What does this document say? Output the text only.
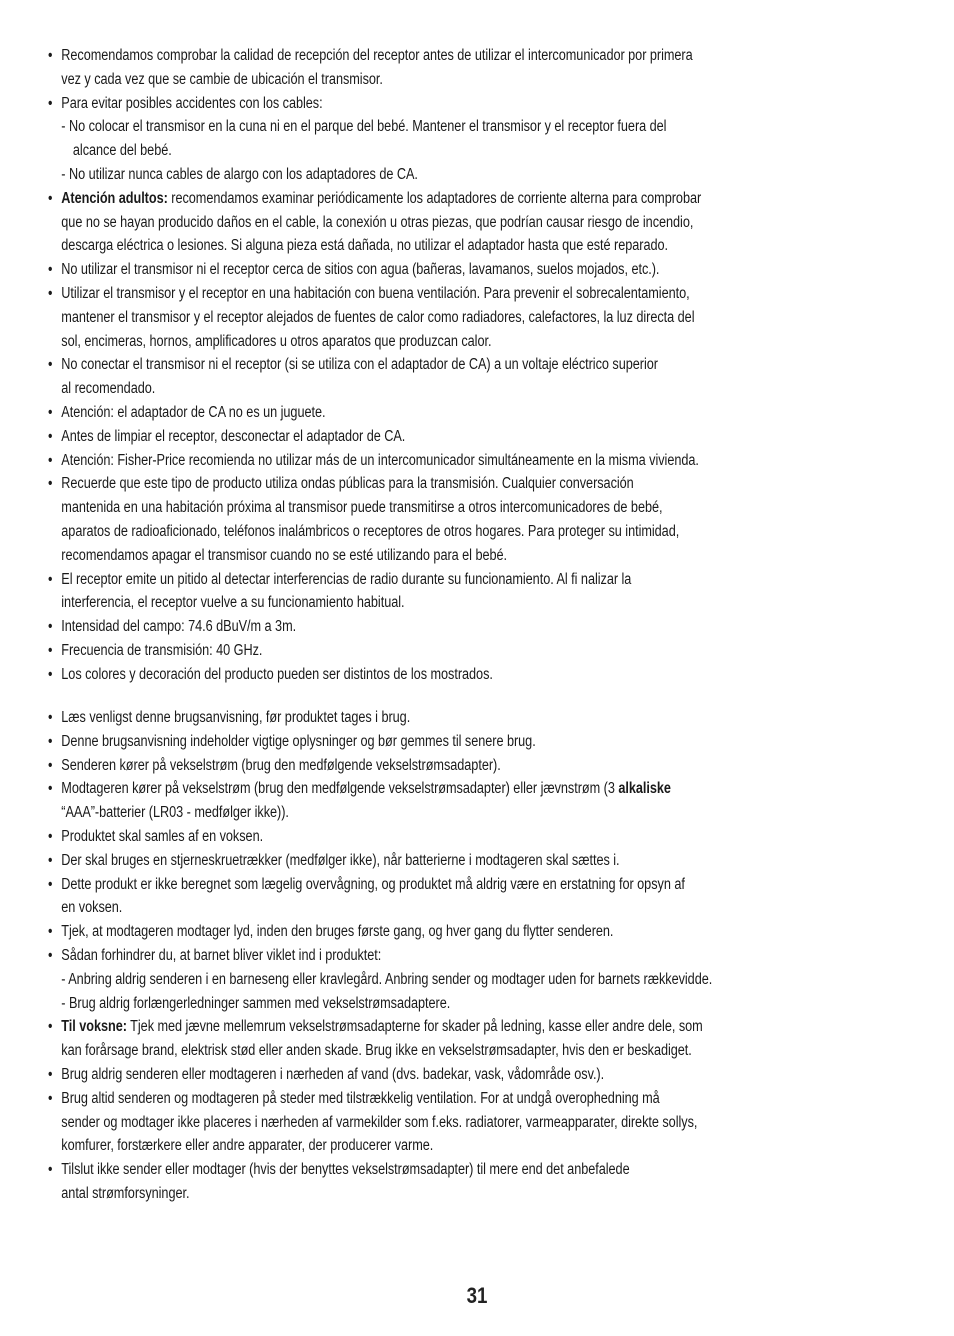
• Recomendamos comprobar la calidad de recepción del receptor antes de utilizar el intercomunicador por primera
vez y cada vez que se cambie de ubicación el transmisor.
• Para evitar posibles accidentes con los cables:
- No colocar el transmisor en la cuna ni en el parque del bebé. Mantener el transmisor y el receptor fuera del
alcance del bebé.
- No utilizar nunca cables de alargo con los adaptadores de CA.
• Atención adultos: recomendamos examinar periódicamente los adaptadores de corriente alterna para comprobar
que no se hayan producido daños en el cable, la conexión u otras piezas, que podrían causar riesgo de incendio,
descarga eléctrica o lesiones. Si alguna pieza está dañada, no utilizar el adaptador hasta que esté reparado.
• No utilizar el transmisor ni el receptor cerca de sitios con agua (bañeras, lavamanos, suelos mojados, etc.).
• Utilizar el transmisor y el receptor en una habitación con buena ventilación. Para prevenir el sobrecalentamiento,
mantener el transmisor y el receptor alejados de fuentes de calor como radiadores, calefactores, la luz directa del
sol, encimeras, hornos, amplificadores u otros aparatos que produzcan calor.
• No conectar el transmisor ni el receptor (si se utiliza con el adaptador de CA) a un voltaje eléctrico superior
al recomendado.
• Atención: el adaptador de CA no es un juguete.
• Antes de limpiar el receptor, desconectar el adaptador de CA.
• Atención: Fisher-Price recomienda no utilizar más de un intercomunicador simultáneamente en la misma vivienda.
• Recuerde que este tipo de producto utiliza ondas públicas para la transmisión. Cualquier conversación
mantenida en una habitación próxima al transmisor puede transmitirse a otros intercomunicadores de bebé,
aparatos de radioaficionado, teléfonos inalámbricos o receptores de otros hogares. Para proteger su intimidad,
recomendamos apagar el transmisor cuando no se esté utilizando para el bebé.
• El receptor emite un pitido al detectar interferencias de radio durante su funcionamiento. Al fi nalizar la
interferencia, el receptor vuelve a su funcionamiento habitual.
• Intensidad del campo: 74.6 dBuV/m a 3m.
• Frecuencia de transmisión: 40 GHz.
• Los colores y decoración del producto pueden ser distintos de los mostrados.
• Læs venligst denne brugsanvisning, før produktet tages i brug.
• Denne brugsanvisning indeholder vigtige oplysninger og bør gemmes til senere brug.
• Senderen kører på vekselstrøm (brug den medfølgende vekselstrømsadapter).
• Modtageren kører på vekselstrøm (brug den medfølgende vekselstrømsadapter) eller jævnstrøm (3 alkaliske
“AAA”-batterier (LR03 - medfølger ikke)).
• Produktet skal samles af en voksen.
• Der skal bruges en stjerneskruetrækker (medfølger ikke), når batterierne i modtageren skal sættes i.
• Dette produkt er ikke beregnet som lægelig overvågning, og produktet må aldrig være en erstatning for opsyn af
en voksen.
• Tjek, at modtageren modtager lyd, inden den bruges første gang, og hver gang du flytter senderen.
• Sådan forhindrer du, at barnet bliver viklet ind i produktet:
- Anbring aldrig senderen i en barneseng eller kravlegård. Anbring sender og modtager uden for barnets rækkevidde.
- Brug aldrig forlængerledninger sammen med vekselstrømsadaptere.
• Til voksne: Tjek med jævne mellemrum vekselstrømsadapterne for skader på ledning, kasse eller andre dele, som
kan forårsage brand, elektrisk stød eller anden skade. Brug ikke en vekselstrømsadapter, hvis den er beskadiget.
• Brug aldrig senderen eller modtageren i nærheden af vand (dvs. badekar, vask, vådområde osv.).
• Brug altid senderen og modtageren på steder med tilstrækkelig ventilation. For at undgå overophedning må
sender og modtager ikke placeres i nærheden af varmekilder som f.eks. radiatorer, varmeapparater, direkte sollys,
komfurer, forstærkere eller andre apparater, der producerer varme.
• Tilslut ikke sender eller modtager (hvis der benyttes vekselstrømsadapter) til mere end det anbefalede
antal strømforsyninger.
31
